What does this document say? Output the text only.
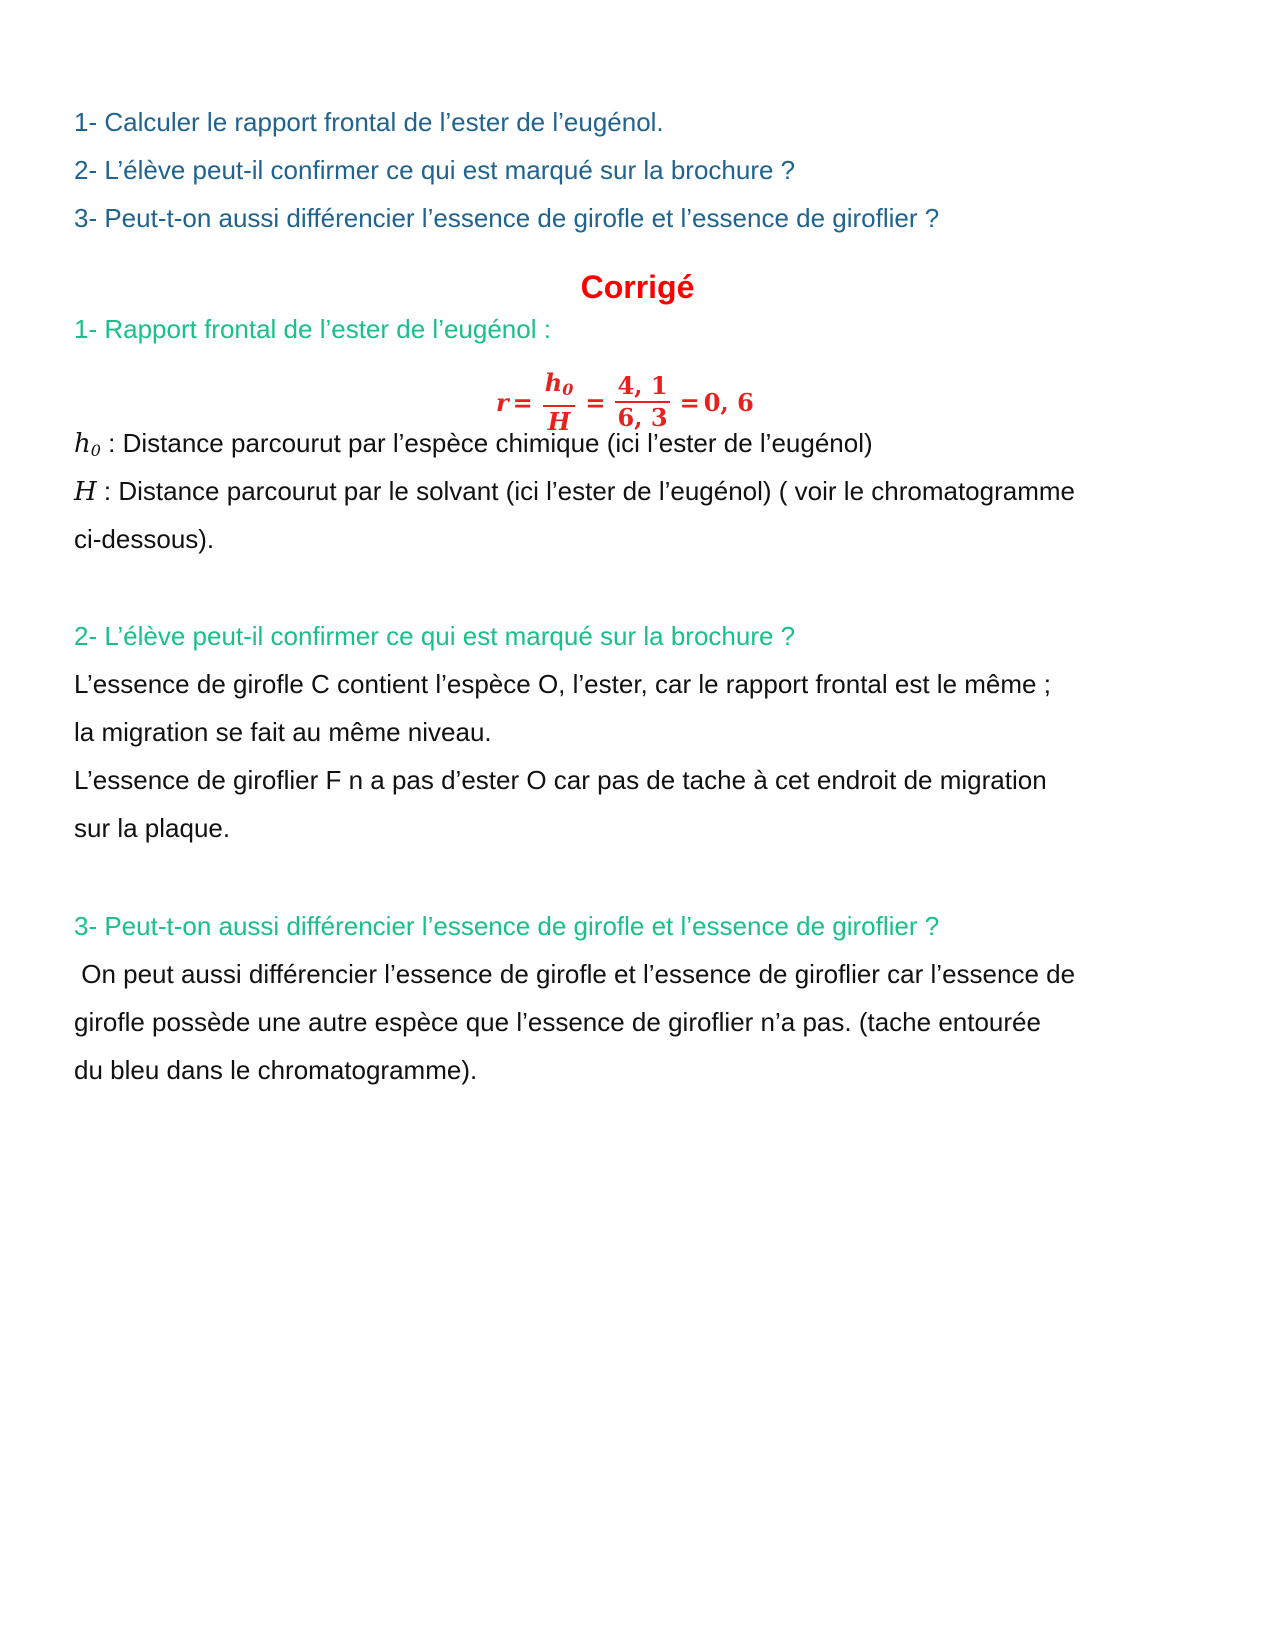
1- Calculer le rapport frontal de l’ester de l’eugénol.
2- L’élève peut-il confirmer ce qui est marqué sur la brochure ?
3- Peut-t-on aussi différencier l’essence de girofle et l’essence de giroflier ?
Corrigé
1- Rapport frontal de l’ester de l’eugénol :
$r = \frac{h_0}{H} = \frac{4, 1}{6, 3} = 0$, 6
$h_0$ : Distance parcourut par l’espèce chimique (ici l’ester de l’eugénol)
H : Distance parcourut par le solvant (ici l’ester de l’eugénol) ( voir le chromatogramme
ci-dessous).
2- L’élève peut-il confirmer ce qui est marqué sur la brochure ?
L’essence de girofle C contient l’espèce O, l’ester, car le rapport frontal est le même ;
la migration se fait au même niveau.
L’essence de giroflier F n a pas d’ester O car pas de tache à cet endroit de migration
sur la plaque.
3- Peut-t-on aussi différencier l’essence de girofle et l’essence de giroflier ?
On peut aussi différencier l’essence de girofle et l’essence de giroflier car l’essence de
girofle possède une autre espèce que l’essence de giroflier n’a pas. (tache entourée
du bleu dans le chromatogramme).
